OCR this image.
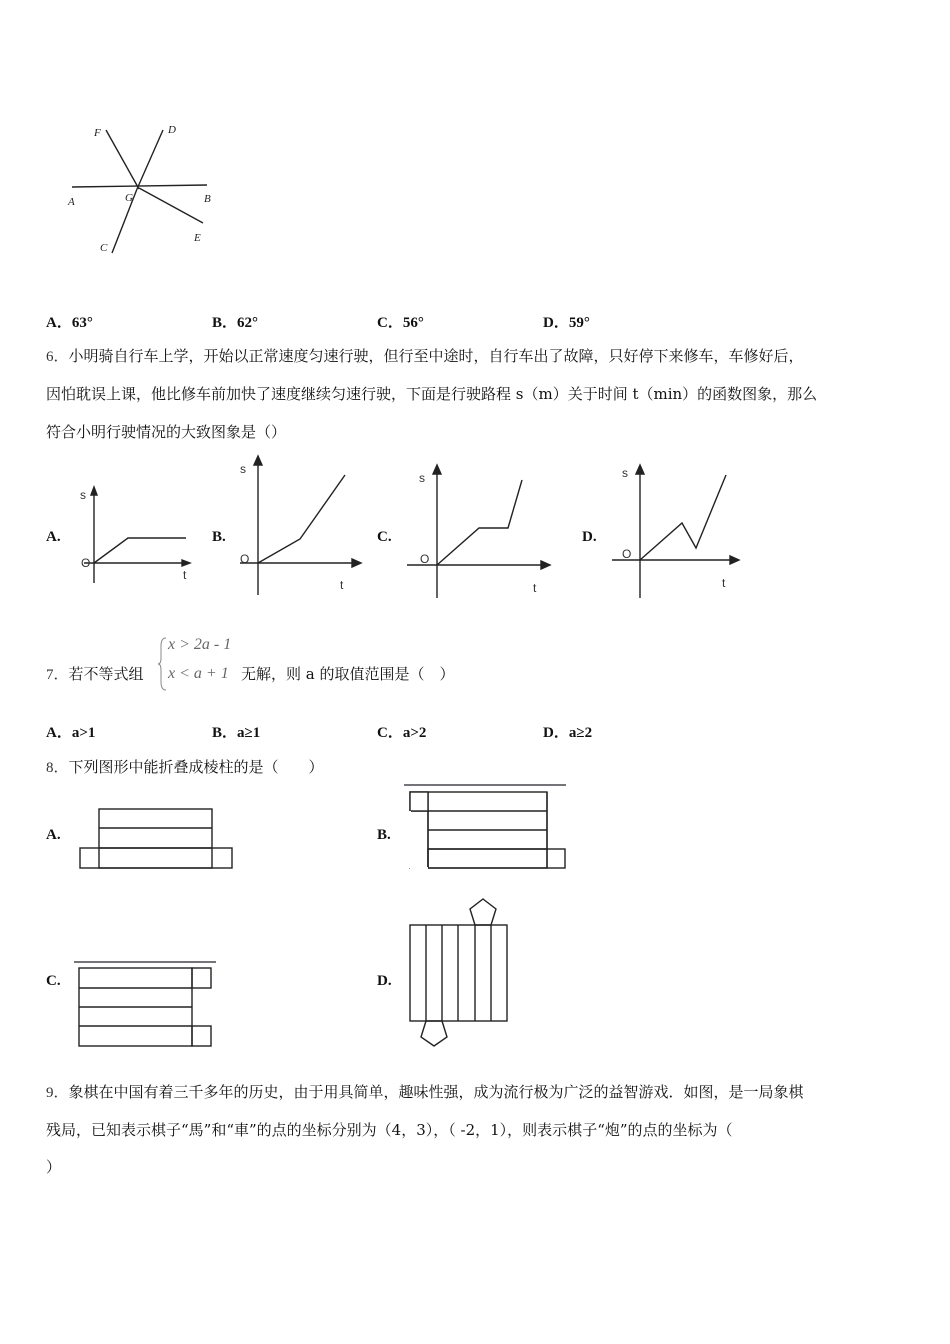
A	B
C
D
E
F
G
A．63°	B．62°	C．56°	D．59°
6．小明骑自行车上学，开始以正常速度匀速行驶，但行至中途时，自行车出了故障，只好停下来修车，车修好后，
因怕耽误上课，他比修车前加快了速度继续匀速行驶，下面是行驶路程 s（m）关于时间 t（min）的函数图象，那么
符合小明行驶情况的大致图象是（）
A.
s
t
O
B.
s
t
O
C.
s
t
O
D.
s
t
O
7．若不等式组
x > 2a - 1
x < a + 1 无解，则 a 的取值范围是（　）
A．a>1	B．a≥1	C．a>2	D．a≥2
8．下列图形中能折叠成棱柱的是（　　）
A.	B.
C.	D.
9．象棋在中国有着三千多年的历史，由于用具简单，趣味性强，成为流行极为广泛的益智游戏．如图，是一局象棋
残局，已知表示棋子“馬”和“車”的点的坐标分别为（4，3），（ -2，1），则表示棋子“炮”的点的坐标为（
）
